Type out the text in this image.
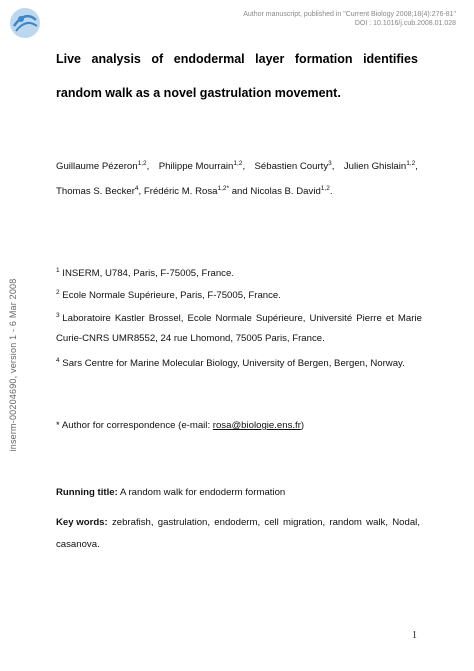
Author manuscript, published in "Current Biology 2008;18(4):276-81"
DOI : 10.1016/j.cub.2008.01.028
inserm-00204690, version 1 - 6 Mar 2008
Live analysis of endodermal layer formation identifies
random walk as a novel gastrulation movement.
Guillaume Pézeron$^{1,2}$, Philippe Mourrain$^{1,2}$, Sébastien Courty$^3$, Julien Ghislain$^{1,2}$,
Thomas S. Becker$^4$, Frédéric M. Rosa$^{1,2*}$ and Nicolas B. David$^{1,2}$.
$^1$ INSERM, U784, Paris, F-75005, France.
$^2$ Ecole Normale Supérieure, Paris, F-75005, France.
$^3$ Laboratoire Kastler Brossel, Ecole Normale Supérieure, Université Pierre et Marie
Curie-CNRS UMR8552, 24 rue Lhomond, 75005 Paris, France.
$^4$ Sars Centre for Marine Molecular Biology, University of Bergen, Bergen, Norway.
* Author for correspondence (e-mail: rosa@biologie.ens.fr)
Running title: A random walk for endoderm formation
Key words: zebrafish, gastrulation, endoderm, cell migration, random walk, Nodal,
casanova.
1
